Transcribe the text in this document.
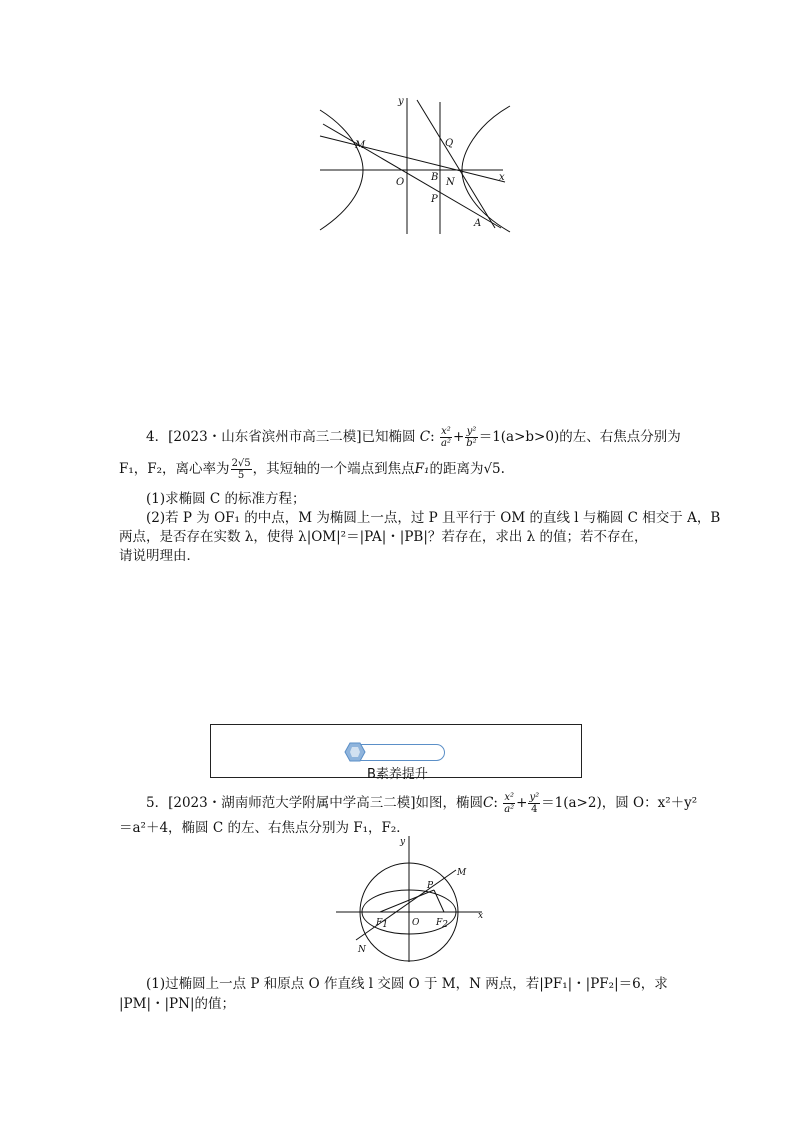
y
x
M	Q
O	B N
P
A
4．[2023・山东省滨州市高三二模]已知椭圆 C: $\frac{\text{x²}}{\text{a²}} + \frac{\text{y²}}{\text{b²}} =1(a>b>0)$的左、右焦点分别为
F₁，F₂，离心率为 $\frac{2√5}{5}$ ，其短轴的一个端点到焦点F₁的距离为√5.
(1)求椭圆 C 的标准方程；
(2)若 P 为 OF₁ 的中点，M 为椭圆上一点，过 P 且平行于 OM 的直线 l 与椭圆 C 相交于 A，B
两点，是否存在实数 λ，使得 λ|OM|²＝|PA|・|PB|？若存在，求出 λ 的值；若不存在，
请说明理由．
B素养提升
5．[2023・湖南师范大学附属中学高三二模]如图，椭圆C: $\frac{\text{x²}}{\text{a²}} + \frac{\text{y²}}{4} =1(a>2)$，圆 O：x²＋y²
＝a²＋4，椭圆 C 的左、右焦点分别为 F₁，F₂．
y
x
M
P
F1	O F2
N
(1)过椭圆上一点 P 和原点 O 作直线 l 交圆 O 于 M，N 两点，若|PF₁|・|PF₂|＝6，求
|PM|・|PN|的值；
